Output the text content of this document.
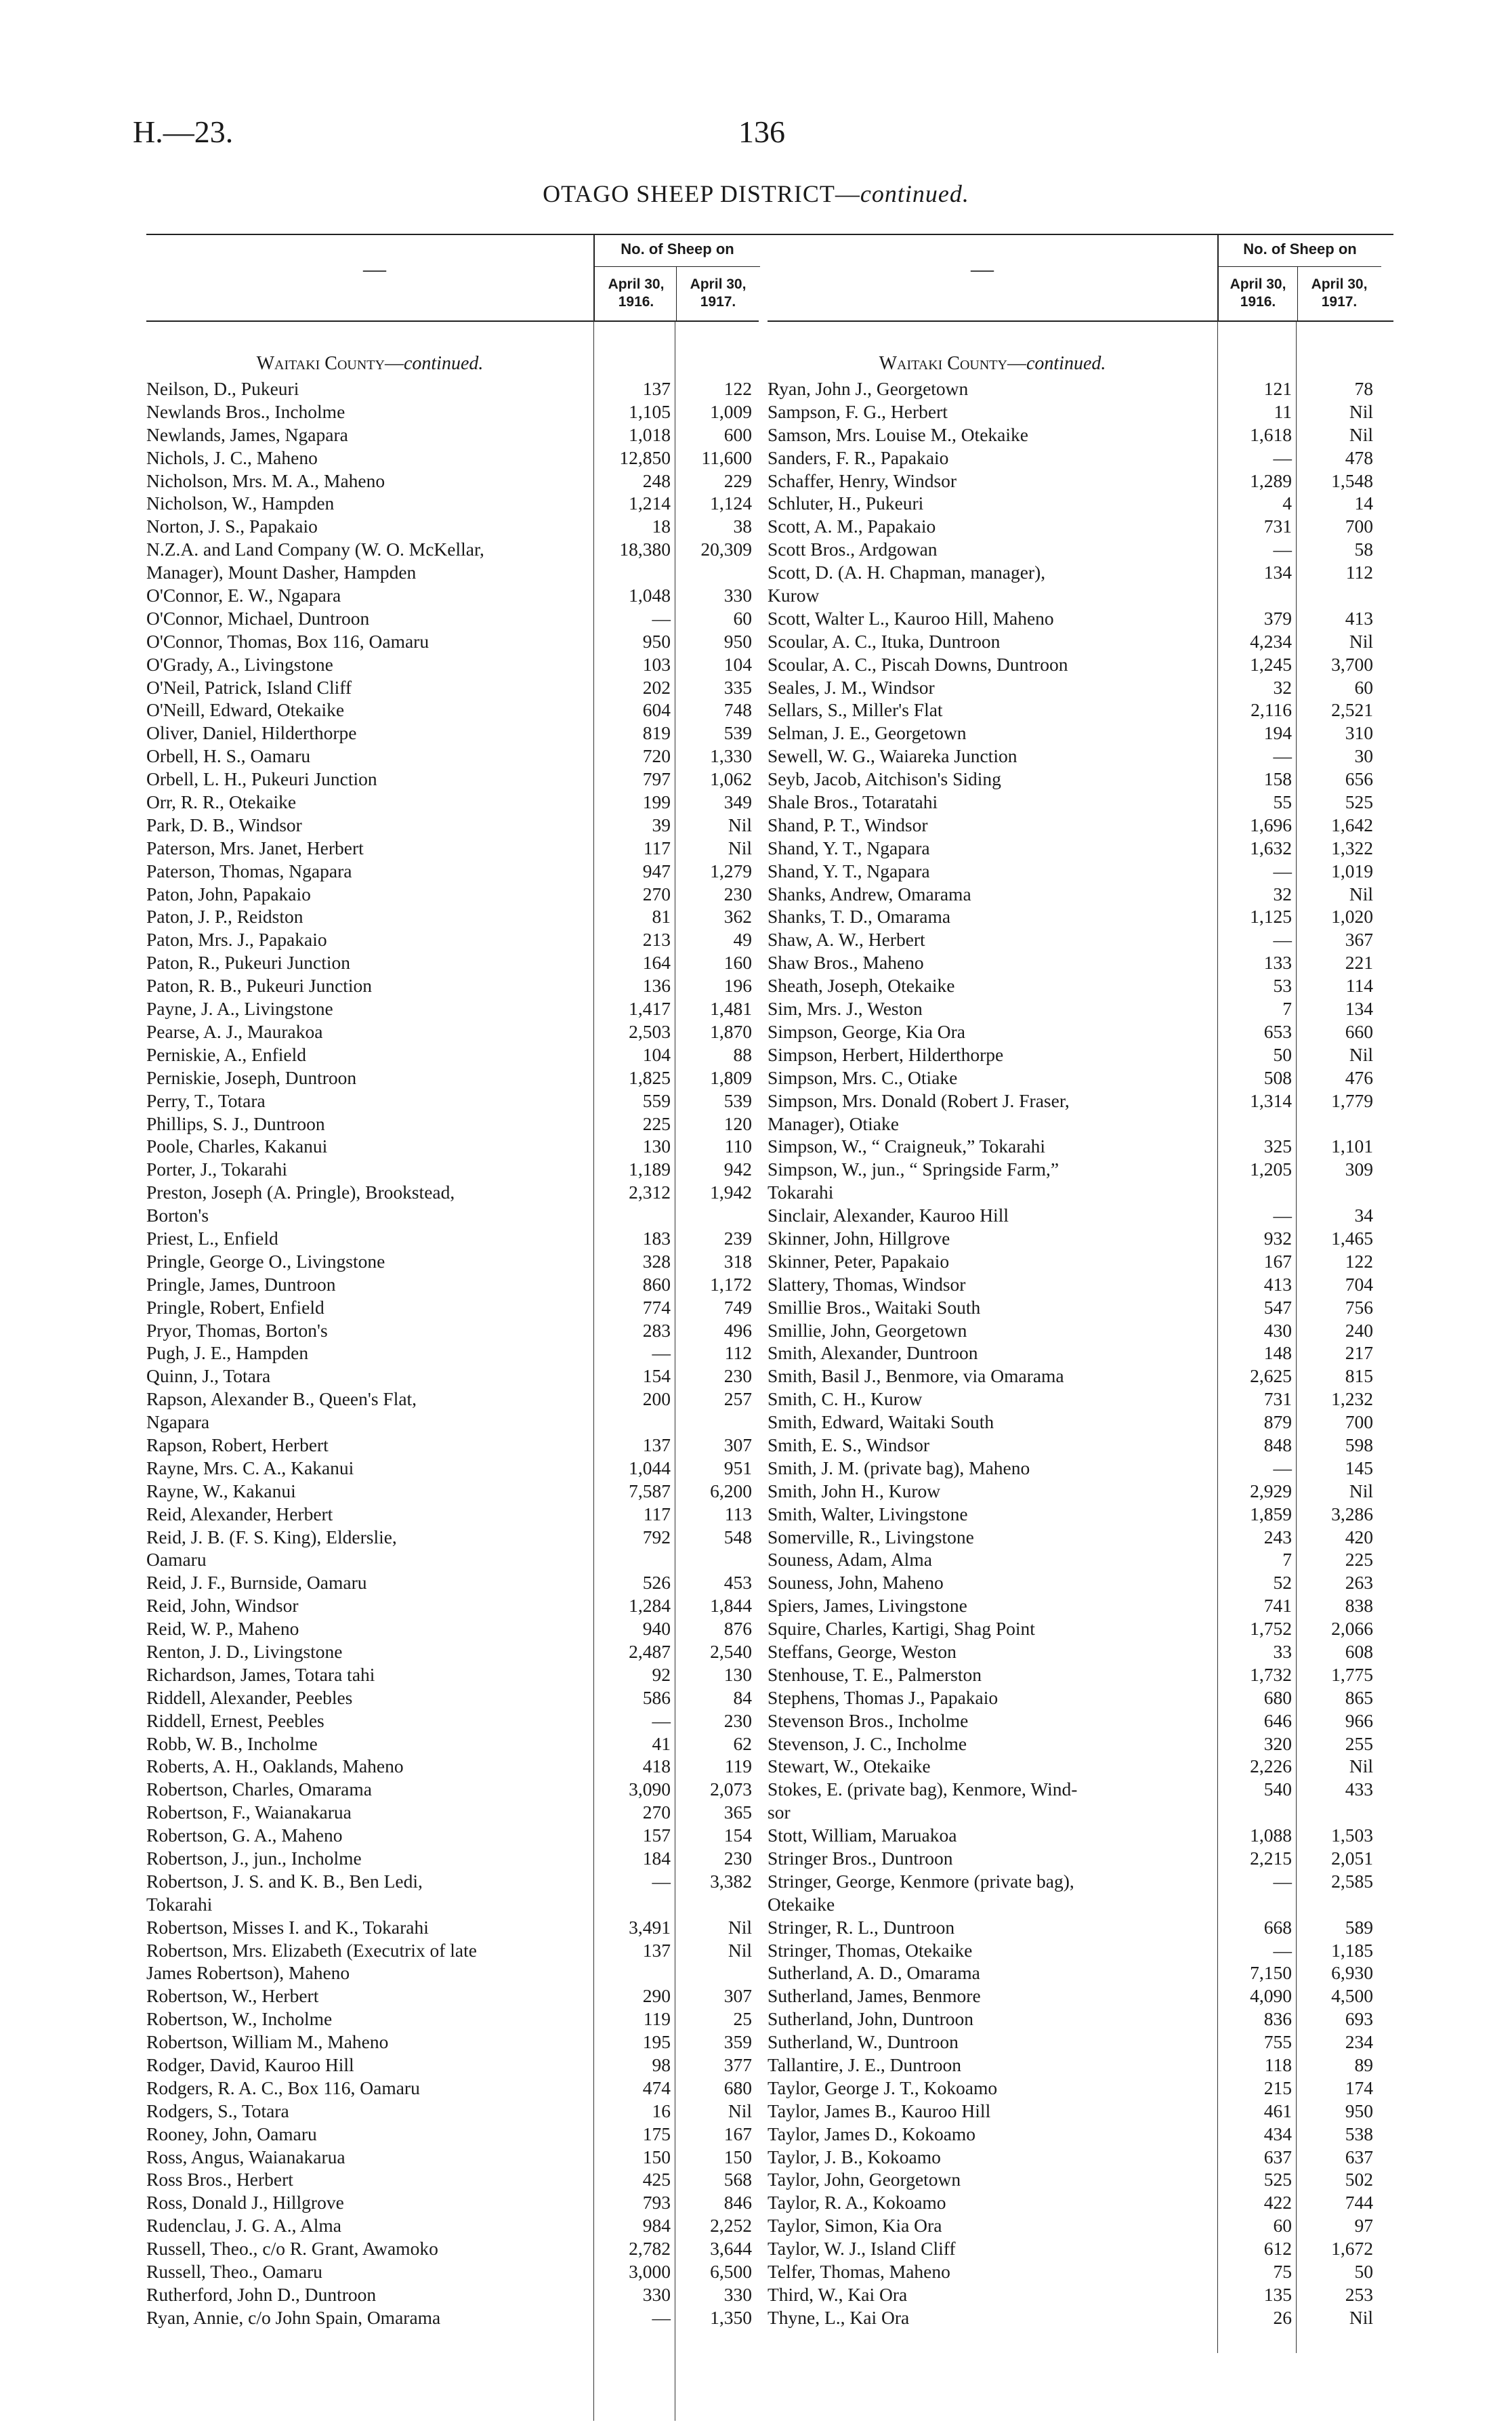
H.—23.	136
OTAGO SHEEP DISTRICT—continued.
—
No. of Sheep on
April 30, 1916.
April 30, 1917.
Waitaki County—continued.
Neilson, D., Pukeuri	137	122
Newlands Bros., Incholme	1,105 1,009
Newlands, James, Ngapara	1,018	600
Nichols, J. C., Maheno	12,850 11,600
Nicholson, Mrs. M. A., Maheno	248	229
Nicholson, W., Hampden	1,214 1,124
Norton, J. S., Papakaio	18	38
N.Z.A. and Land Company (W. O. McKellar,	18,380 20,309
Manager), Mount Dasher, Hampden
O'Connor, E. W., Ngapara	1,048	330
O'Connor, Michael, Duntroon	—	60
O'Connor, Thomas, Box 116, Oamaru	950	950
O'Grady, A., Livingstone	103	104
O'Neil, Patrick, Island Cliff	202	335
O'Neill, Edward, Otekaike	604	748
Oliver, Daniel, Hilderthorpe	819	539
Orbell, H. S., Oamaru	720 1,330
Orbell, L. H., Pukeuri Junction	797 1,062
Orr, R. R., Otekaike	199	349
Park, D. B., Windsor	39	Nil
Paterson, Mrs. Janet, Herbert	117	Nil
Paterson, Thomas, Ngapara	947 1,279
Paton, John, Papakaio	270	230
Paton, J. P., Reidston	81	362
Paton, Mrs. J., Papakaio	213	49
Paton, R., Pukeuri Junction	164	160
Paton, R. B., Pukeuri Junction	136	196
Payne, J. A., Livingstone	1,417 1,481
Pearse, A. J., Maurakoa	2,503 1,870
Perniskie, A., Enfield	104	88
Perniskie, Joseph, Duntroon	1,825 1,809
Perry, T., Totara	559	539
Phillips, S. J., Duntroon	225	120
Poole, Charles, Kakanui	130	110
Porter, J., Tokarahi	1,189	942
Preston, Joseph (A. Pringle), Brookstead,	2,312 1,942
Borton's
Priest, L., Enfield	183	239
Pringle, George O., Livingstone	328	318
Pringle, James, Duntroon	860 1,172
Pringle, Robert, Enfield	774	749
Pryor, Thomas, Borton's	283	496
Pugh, J. E., Hampden	—	112
Quinn, J., Totara	154	230
Rapson, Alexander B., Queen's Flat,	200	257
Ngapara
Rapson, Robert, Herbert	137	307
Rayne, Mrs. C. A., Kakanui	1,044	951
Rayne, W., Kakanui	7,587 6,200
Reid, Alexander, Herbert	117	113
Reid, J. B. (F. S. King), Elderslie,	792	548
Oamaru
Reid, J. F., Burnside, Oamaru	526	453
Reid, John, Windsor	1,284 1,844
Reid, W. P., Maheno	940	876
Renton, J. D., Livingstone	2,487 2,540
Richardson, James, Totara tahi	92	130
Riddell, Alexander, Peebles	586	84
Riddell, Ernest, Peebles	—	230
Robb, W. B., Incholme	41	62
Roberts, A. H., Oaklands, Maheno	418	119
Robertson, Charles, Omarama	3,090 2,073
Robertson, F., Waianakarua	270	365
Robertson, G. A., Maheno	157	154
Robertson, J., jun., Incholme	184	230
Robertson, J. S. and K. B., Ben Ledi,	— 3,382
Tokarahi
Robertson, Misses I. and K., Tokarahi	3,491	Nil
Robertson, Mrs. Elizabeth (Executrix of late	137	Nil
James Robertson), Maheno
Robertson, W., Herbert	290	307
Robertson, W., Incholme	119	25
Robertson, William M., Maheno	195	359
Rodger, David, Kauroo Hill	98	377
Rodgers, R. A. C., Box 116, Oamaru	474	680
Rodgers, S., Totara	16	Nil
Rooney, John, Oamaru	175	167
Ross, Angus, Waianakarua	150	150
Ross Bros., Herbert	425	568
Ross, Donald J., Hillgrove	793	846
Rudenclau, J. G. A., Alma	984 2,252
Russell, Theo., c/o R. Grant, Awamoko	2,782 3,644
Russell, Theo., Oamaru	3,000 6,500
Rutherford, John D., Duntroon	330	330
Ryan, Annie, c/o John Spain, Omarama	— 1,350
—
No. of Sheep on
April 30, 1916.
April 30, 1917.
Waitaki County—continued.
Ryan, John J., Georgetown	121	78
Sampson, F. G., Herbert	11	Nil
Samson, Mrs. Louise M., Otekaike	1,618	Nil
Sanders, F. R., Papakaio	—	478
Schaffer, Henry, Windsor	1,289 1,548
Schluter, H., Pukeuri	4	14
Scott, A. M., Papakaio	731	700
Scott Bros., Ardgowan	—	58
Scott, D. (A. H. Chapman, manager),	134	112
Kurow
Scott, Walter L., Kauroo Hill, Maheno	379	413
Scoular, A. C., Ituka, Duntroon	4,234	Nil
Scoular, A. C., Piscah Downs, Duntroon	1,245 3,700
Seales, J. M., Windsor	32	60
Sellars, S., Miller's Flat	2,116 2,521
Selman, J. E., Georgetown	194	310
Sewell, W. G., Waiareka Junction	—	30
Seyb, Jacob, Aitchison's Siding	158	656
Shale Bros., Totaratahi	55	525
Shand, P. T., Windsor	1,696 1,642
Shand, Y. T., Ngapara	1,632 1,322
Shand, Y. T., Ngapara	— 1,019
Shanks, Andrew, Omarama	32	Nil
Shanks, T. D., Omarama	1,125 1,020
Shaw, A. W., Herbert	—	367
Shaw Bros., Maheno	133	221
Sheath, Joseph, Otekaike	53	114
Sim, Mrs. J., Weston	7	134
Simpson, George, Kia Ora	653	660
Simpson, Herbert, Hilderthorpe	50	Nil
Simpson, Mrs. C., Otiake	508	476
Simpson, Mrs. Donald (Robert J. Fraser,	1,314 1,779
Manager), Otiake
Simpson, W., “ Craigneuk,” Tokarahi	325 1,101
Simpson, W., jun., “ Springside Farm,”	1,205	309
Tokarahi
Sinclair, Alexander, Kauroo Hill	—	34
Skinner, John, Hillgrove	932 1,465
Skinner, Peter, Papakaio	167	122
Slattery, Thomas, Windsor	413	704
Smillie Bros., Waitaki South	547	756
Smillie, John, Georgetown	430	240
Smith, Alexander, Duntroon	148	217
Smith, Basil J., Benmore, via Omarama	2,625	815
Smith, C. H., Kurow	731 1,232
Smith, Edward, Waitaki South	879	700
Smith, E. S., Windsor	848	598
Smith, J. M. (private bag), Maheno	—	145
Smith, John H., Kurow	2,929	Nil
Smith, Walter, Livingstone	1,859 3,286
Somerville, R., Livingstone	243	420
Souness, Adam, Alma	7	225
Souness, John, Maheno	52	263
Spiers, James, Livingstone	741	838
Squire, Charles, Kartigi, Shag Point	1,752 2,066
Steffans, George, Weston	33	608
Stenhouse, T. E., Palmerston	1,732 1,775
Stephens, Thomas J., Papakaio	680	865
Stevenson Bros., Incholme	646	966
Stevenson, J. C., Incholme	320	255
Stewart, W., Otekaike	2,226	Nil
Stokes, E. (private bag), Kenmore, Wind-	540	433
sor
Stott, William, Maruakoa	1,088 1,503
Stringer Bros., Duntroon	2,215 2,051
Stringer, George, Kenmore (private bag),	— 2,585
Otekaike
Stringer, R. L., Duntroon	668	589
Stringer, Thomas, Otekaike	— 1,185
Sutherland, A. D., Omarama	7,150 6,930
Sutherland, James, Benmore	4,090 4,500
Sutherland, John, Duntroon	836	693
Sutherland, W., Duntroon	755	234
Tallantire, J. E., Duntroon	118	89
Taylor, George J. T., Kokoamo	215	174
Taylor, James B., Kauroo Hill	461	950
Taylor, James D., Kokoamo	434	538
Taylor, J. B., Kokoamo	637	637
Taylor, John, Georgetown	525	502
Taylor, R. A., Kokoamo	422	744
Taylor, Simon, Kia Ora	60	97
Taylor, W. J., Island Cliff	612 1,672
Telfer, Thomas, Maheno	75	50
Third, W., Kai Ora	135	253
Thyne, L., Kai Ora	26	Nil
